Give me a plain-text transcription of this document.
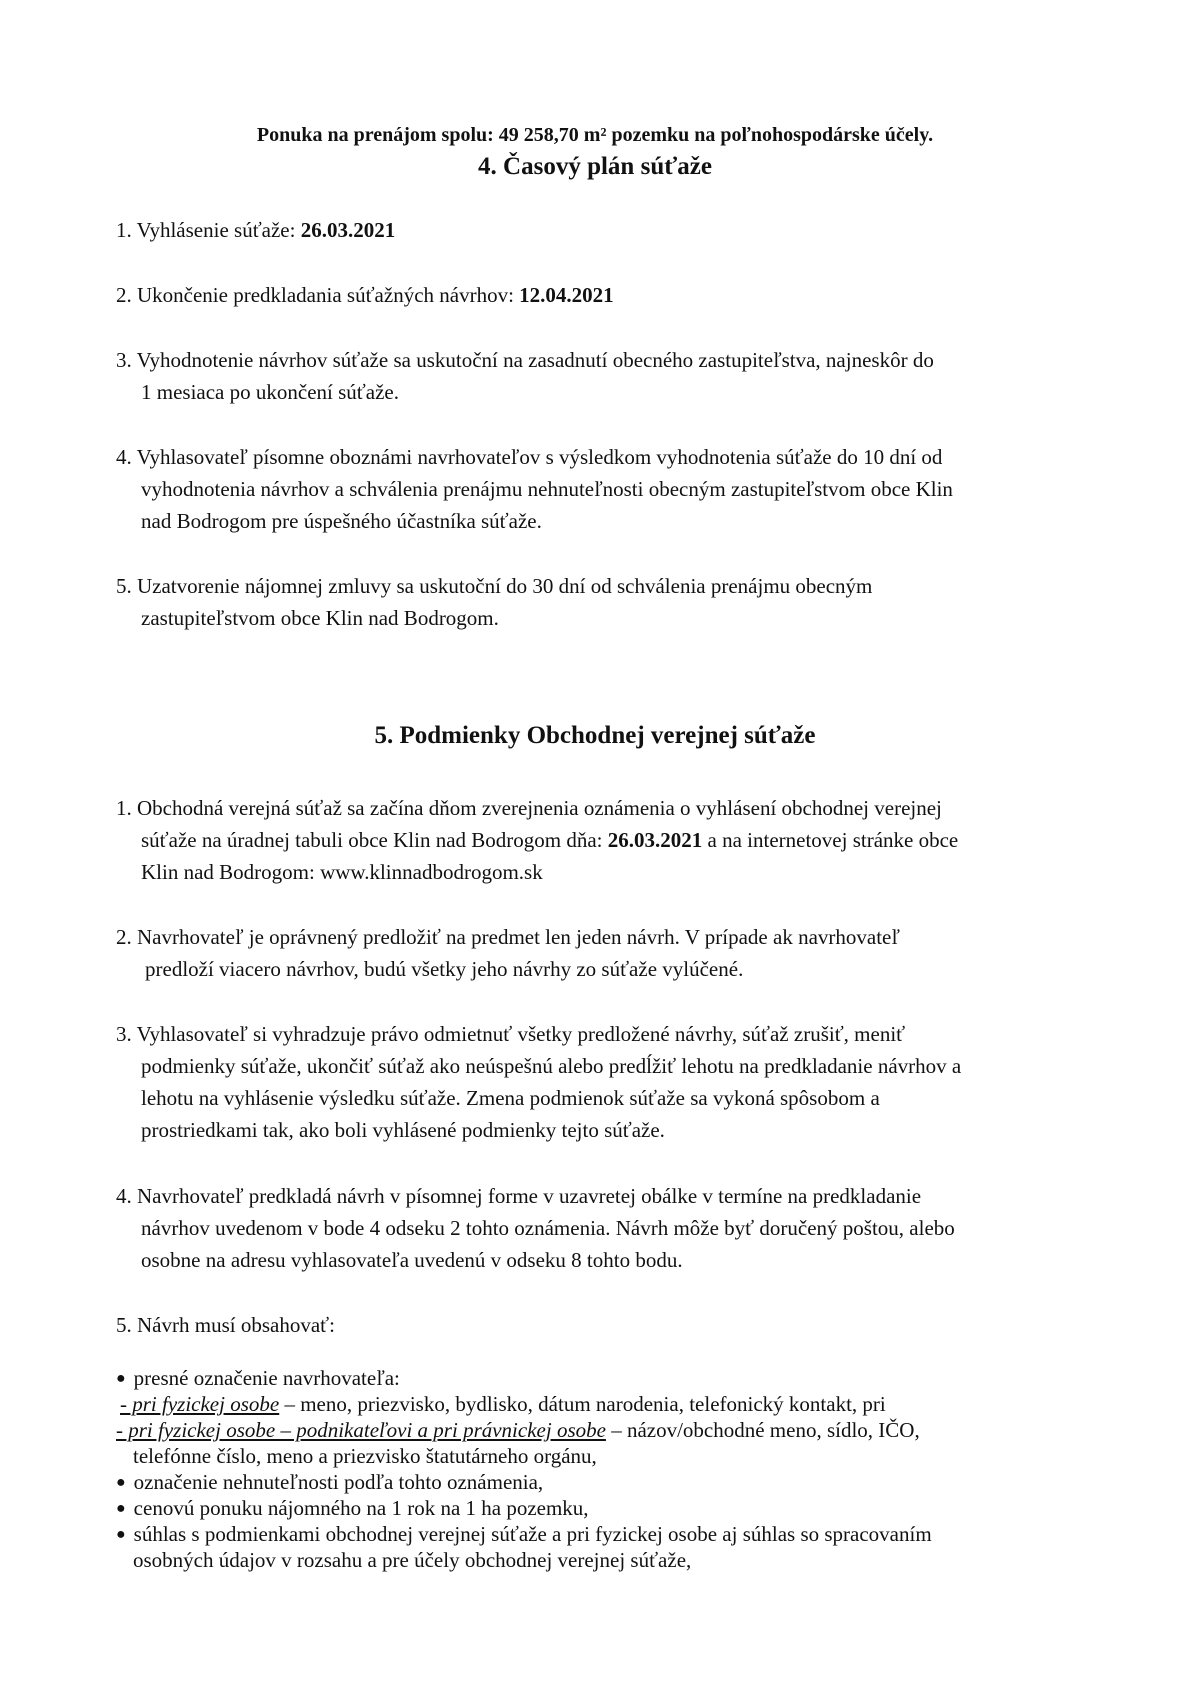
Ponuka na prenájom spolu: 49 258,70 m² pozemku na poľnohospodárske účely.
4. Časový plán súťaže
1. Vyhlásenie súťaže: 26.03.2021
2. Ukončenie predkladania súťažných návrhov: 12.04.2021
3. Vyhodnotenie návrhov súťaže sa uskutoční na zasadnutí obecného zastupiteľstva, najneskôr do
1 mesiaca po ukončení súťaže.
4. Vyhlasovateľ písomne oboznámi navrhovateľov s výsledkom vyhodnotenia súťaže do 10 dní od
vyhodnotenia návrhov a schválenia prenájmu nehnuteľnosti obecným zastupiteľstvom obce Klin
nad Bodrogom pre úspešného účastníka súťaže.
5. Uzatvorenie nájomnej zmluvy sa uskutoční do 30 dní od schválenia prenájmu obecným
zastupiteľstvom obce Klin nad Bodrogom.
5. Podmienky Obchodnej verejnej súťaže
1. Obchodná verejná súťaž sa začína dňom zverejnenia oznámenia o vyhlásení obchodnej verejnej
súťaže na úradnej tabuli obce Klin nad Bodrogom dňa: 26.03.2021 a na internetovej stránke obce
Klin nad Bodrogom: www.klinnadbodrogom.sk
2. Navrhovateľ je oprávnený predložiť na predmet len jeden návrh. V prípade ak navrhovateľ
predloží viacero návrhov, budú všetky jeho návrhy zo súťaže vylúčené.
3. Vyhlasovateľ si vyhradzuje právo odmietnuť všetky predložené návrhy, súťaž zrušiť, meniť
podmienky súťaže, ukončiť súťaž ako neúspešnú alebo predĺžiť lehotu na predkladanie návrhov a
lehotu na vyhlásenie výsledku súťaže. Zmena podmienok súťaže sa vykoná spôsobom a
prostriedkami tak, ako boli vyhlásené podmienky tejto súťaže.
4. Navrhovateľ predkladá návrh v písomnej forme v uzavretej obálke v termíne na predkladanie
návrhov uvedenom v bode 4 odseku 2 tohto oznámenia. Návrh môže byť doručený poštou, alebo
osobne na adresu vyhlasovateľa uvedenú v odseku 8 tohto bodu.
5. Návrh musí obsahovať:
● presné označenie navrhovateľa:
- pri fyzickej osobe – meno, priezvisko, bydlisko, dátum narodenia, telefonický kontakt, pri
- pri fyzickej osobe – podnikateľovi a pri právnickej osobe – názov/obchodné meno, sídlo, IČO,
telefónne číslo, meno a priezvisko štatutárneho orgánu,
● označenie nehnuteľnosti podľa tohto oznámenia,
● cenovú ponuku nájomného na 1 rok na 1 ha pozemku,
● súhlas s podmienkami obchodnej verejnej súťaže a pri fyzickej osobe aj súhlas so spracovaním
osobných údajov v rozsahu a pre účely obchodnej verejnej súťaže,
